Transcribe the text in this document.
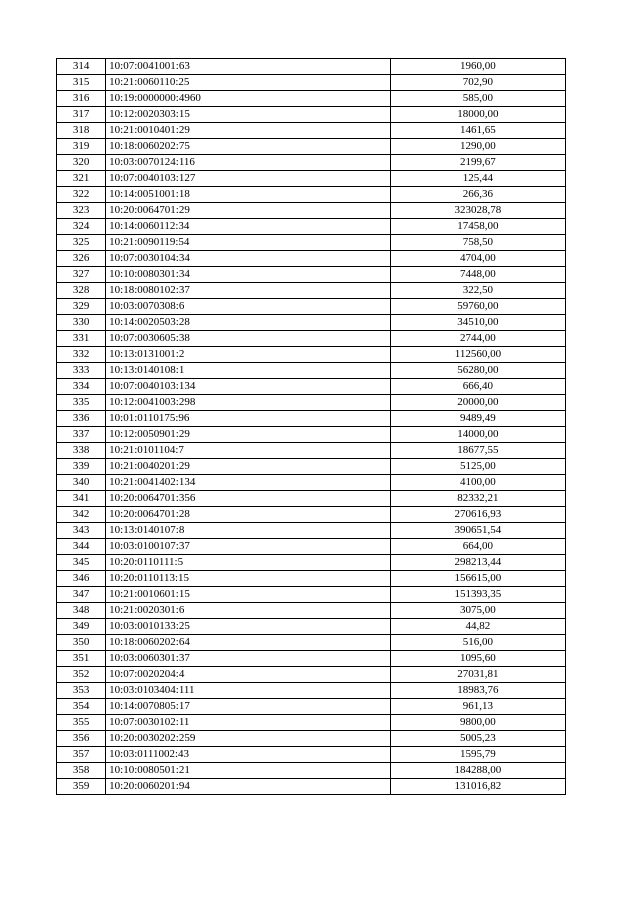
314	10:07:0041001:63	1960,00
315	10:21:0060110:25	702,90
316	10:19:0000000:4960	585,00
317	10:12:0020303:15	18000,00
318	10:21:0010401:29	1461,65
319	10:18:0060202:75	1290,00
320	10:03:0070124:116	2199,67
321	10:07:0040103:127	125,44
322	10:14:0051001:18	266,36
323	10:20:0064701:29	323028,78
324	10:14:0060112:34	17458,00
325	10:21:0090119:54	758,50
326	10:07:0030104:34	4704,00
327	10:10:0080301:34	7448,00
328	10:18:0080102:37	322,50
329	10:03:0070308:6	59760,00
330	10:14:0020503:28	34510,00
331	10:07:0030605:38	2744,00
332	10:13:0131001:2	112560,00
333	10:13:0140108:1	56280,00
334	10:07:0040103:134	666,40
335	10:12:0041003:298	20000,00
336	10:01:0110175:96	9489,49
337	10:12:0050901:29	14000,00
338	10:21:0101104:7	18677,55
339	10:21:0040201:29	5125,00
340	10:21:0041402:134	4100,00
341	10:20:0064701:356	82332,21
342	10:20:0064701:28	270616,93
343	10:13:0140107:8	390651,54
344	10:03:0100107:37	664,00
345	10:20:0110111:5	298213,44
346	10:20:0110113:15	156615,00
347	10:21:0010601:15	151393,35
348	10:21:0020301:6	3075,00
349	10:03:0010133:25	44,82
350	10:18:0060202:64	516,00
351	10:03:0060301:37	1095,60
352	10:07:0020204:4	27031,81
353	10:03:0103404:111	18983,76
354	10:14:0070805:17	961,13
355	10:07:0030102:11	9800,00
356	10:20:0030202:259	5005,23
357	10:03:0111002:43	1595,79
358	10:10:0080501:21	184288,00
359	10:20:0060201:94	131016,82
